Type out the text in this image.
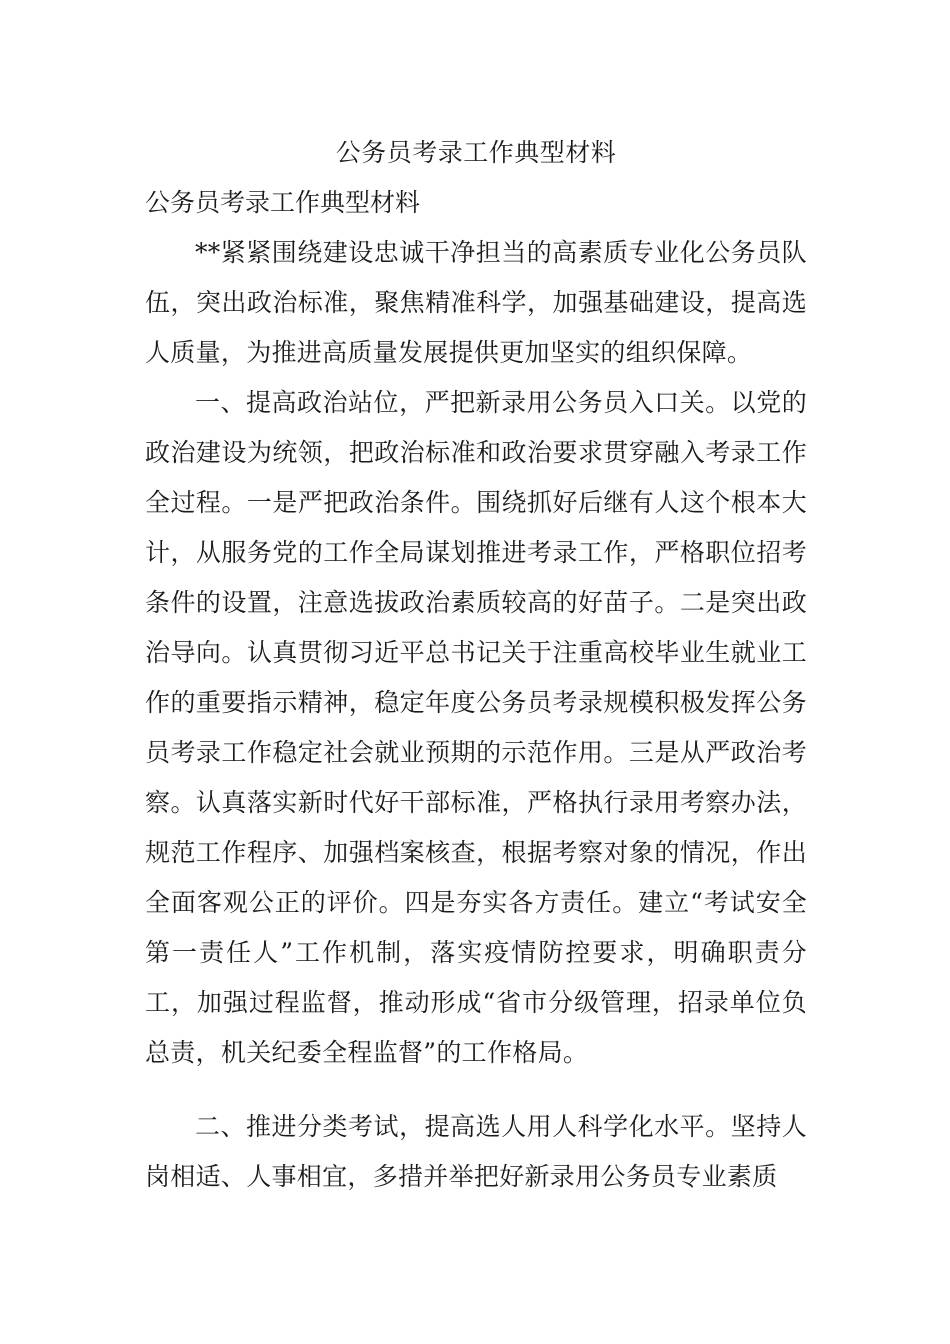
公务员考录工作典型材料

公务员考录工作典型材料

**紧紧围绕建设忠诚干净担当的高素质专业化公务员队伍，突出政治标准，聚焦精准科学，加强基础建设，提高选人质量，为推进高质量发展提供更加坚实的组织保障。

一、提高政治站位，严把新录用公务员入口关。以党的政治建设为统领，把政治标准和政治要求贯穿融入考录工作全过程。一是严把政治条件。围绕抓好后继有人这个根本大计，从服务党的工作全局谋划推进考录工作，严格职位招考条件的设置，注意选拔政治素质较高的好苗子。二是突出政治导向。认真贯彻习近平总书记关于注重高校毕业生就业工作的重要指示精神，稳定年度公务员考录规模积极发挥公务员考录工作稳定社会就业预期的示范作用。三是从严政治考察。认真落实新时代好干部标准，严格执行录用考察办法，规范工作程序、加强档案核查，根据考察对象的情况，作出全面客观公正的评价。四是夯实各方责任。建立“考试安全第一责任人”工作机制，落实疫情防控要求，明确职责分工，加强过程监督，推动形成“省市分级管理，招录单位负总责，机关纪委全程监督”的工作格局。

二、推进分类考试，提高选人用人科学化水平。坚持人岗相适、人事相宜，多措并举把好新录用公务员专业素质
